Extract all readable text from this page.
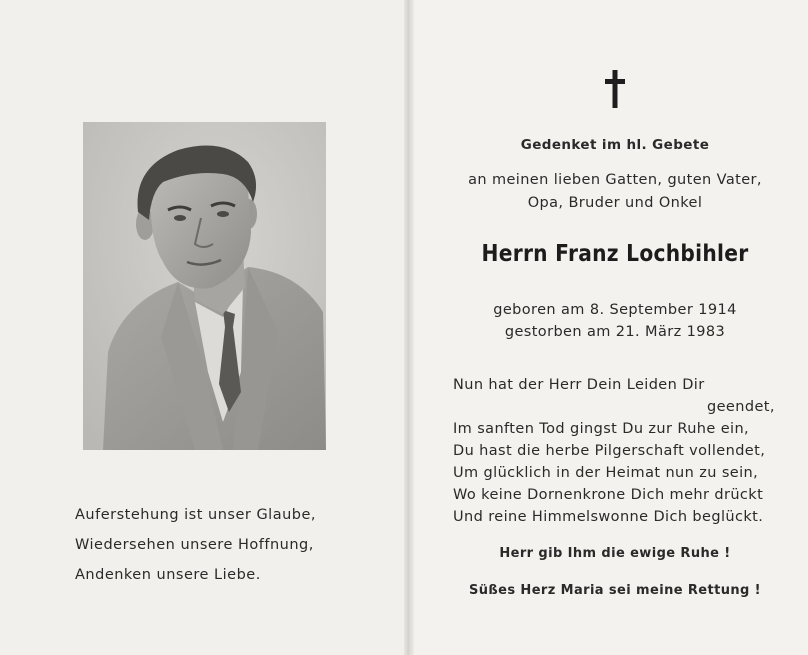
Auferstehung ist unser Glaube,
Wiedersehen unsere Hoffnung,
Andenken unsere Liebe.
Gedenket im hl. Gebete
an meinen lieben Gatten, guten Vater,
Opa, Bruder und Onkel
Herrn Franz Lochbihler
geboren am 8. September 1914
gestorben am 21. März 1983
Nun hat der Herr Dein Leiden Dir
geendet,
Im sanften Tod gingst Du zur Ruhe ein,
Du hast die herbe Pilgerschaft vollendet,
Um glücklich in der Heimat nun zu sein,
Wo keine Dornenkrone Dich mehr drückt
Und reine Himmelswonne Dich beglückt.
Herr gib Ihm die ewige Ruhe !
Süßes Herz Maria sei meine Rettung !
